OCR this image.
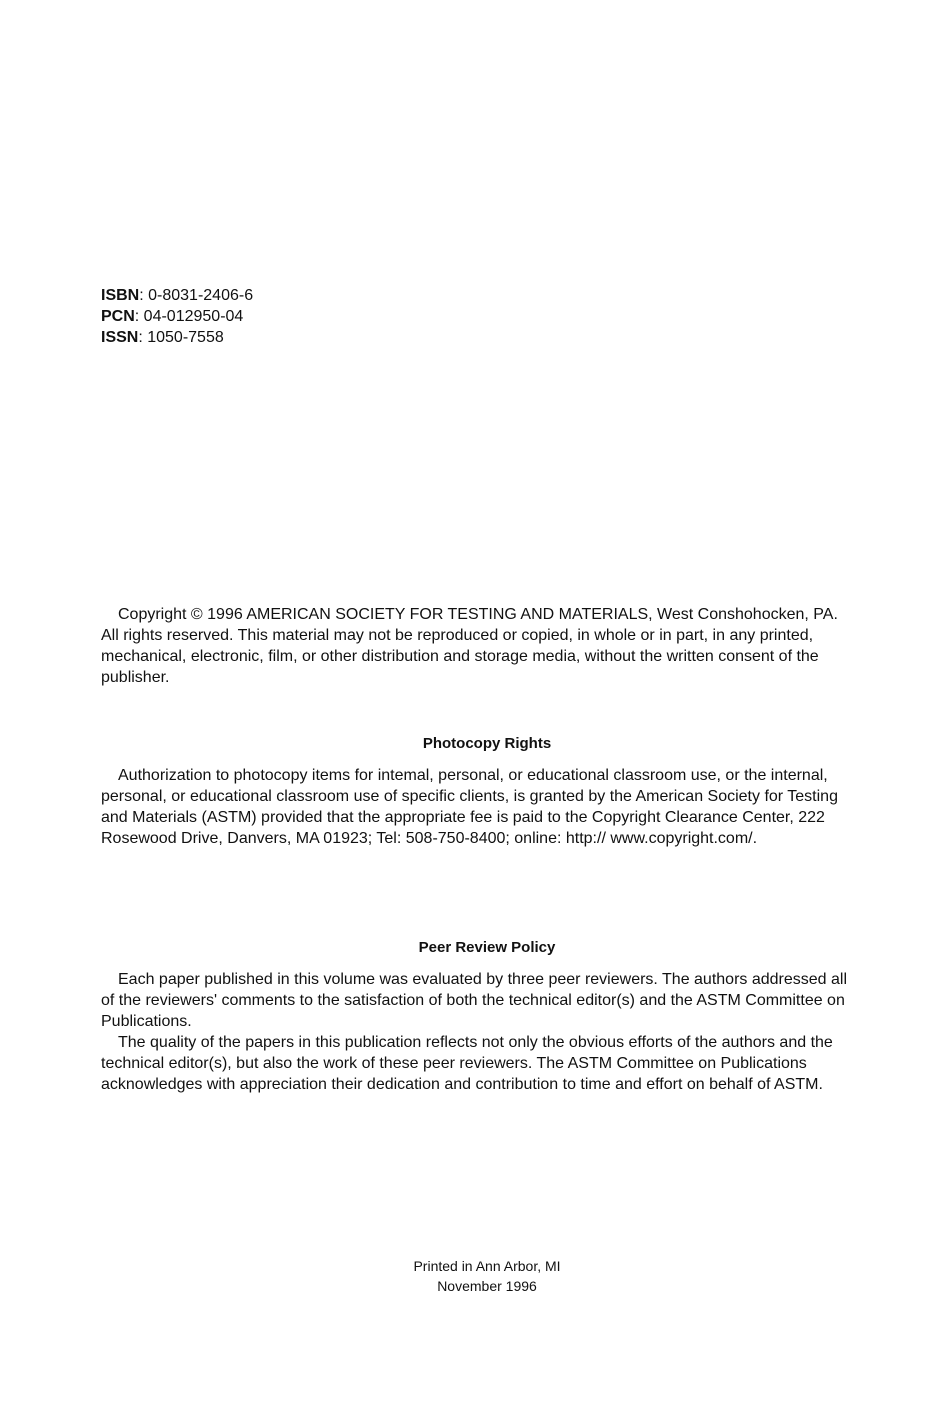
ISBN: 0-8031-2406-6
PCN: 04-012950-04
ISSN: 1050-7558

Copyright © 1996 AMERICAN SOCIETY FOR TESTING AND MATERIALS, West Conshohocken, PA. All rights reserved. This material may not be reproduced or copied, in whole or in part, in any printed, mechanical, electronic, film, or other distribution and storage media, without the written consent of the publisher.

Photocopy Rights

Authorization to photocopy items for intemal, personal, or educational classroom use, or the internal, personal, or educational classroom use of specific clients, is granted by the American Society for Testing and Materials (ASTM) provided that the appropriate fee is paid to the Copyright Clearance Center, 222 Rosewood Drive, Danvers, MA 01923; Tel: 508-750-8400; online: http:// www.copyright.com/.

Peer Review Policy

Each paper published in this volume was evaluated by three peer reviewers. The authors addressed all of the reviewers' comments to the satisfaction of both the technical editor(s) and the ASTM Committee on Publications.

The quality of the papers in this publication reflects not only the obvious efforts of the authors and the technical editor(s), but also the work of these peer reviewers. The ASTM Committee on Publications acknowledges with appreciation their dedication and contribution to time and effort on behalf of ASTM.

Printed in Ann Arbor, MI
November 1996
